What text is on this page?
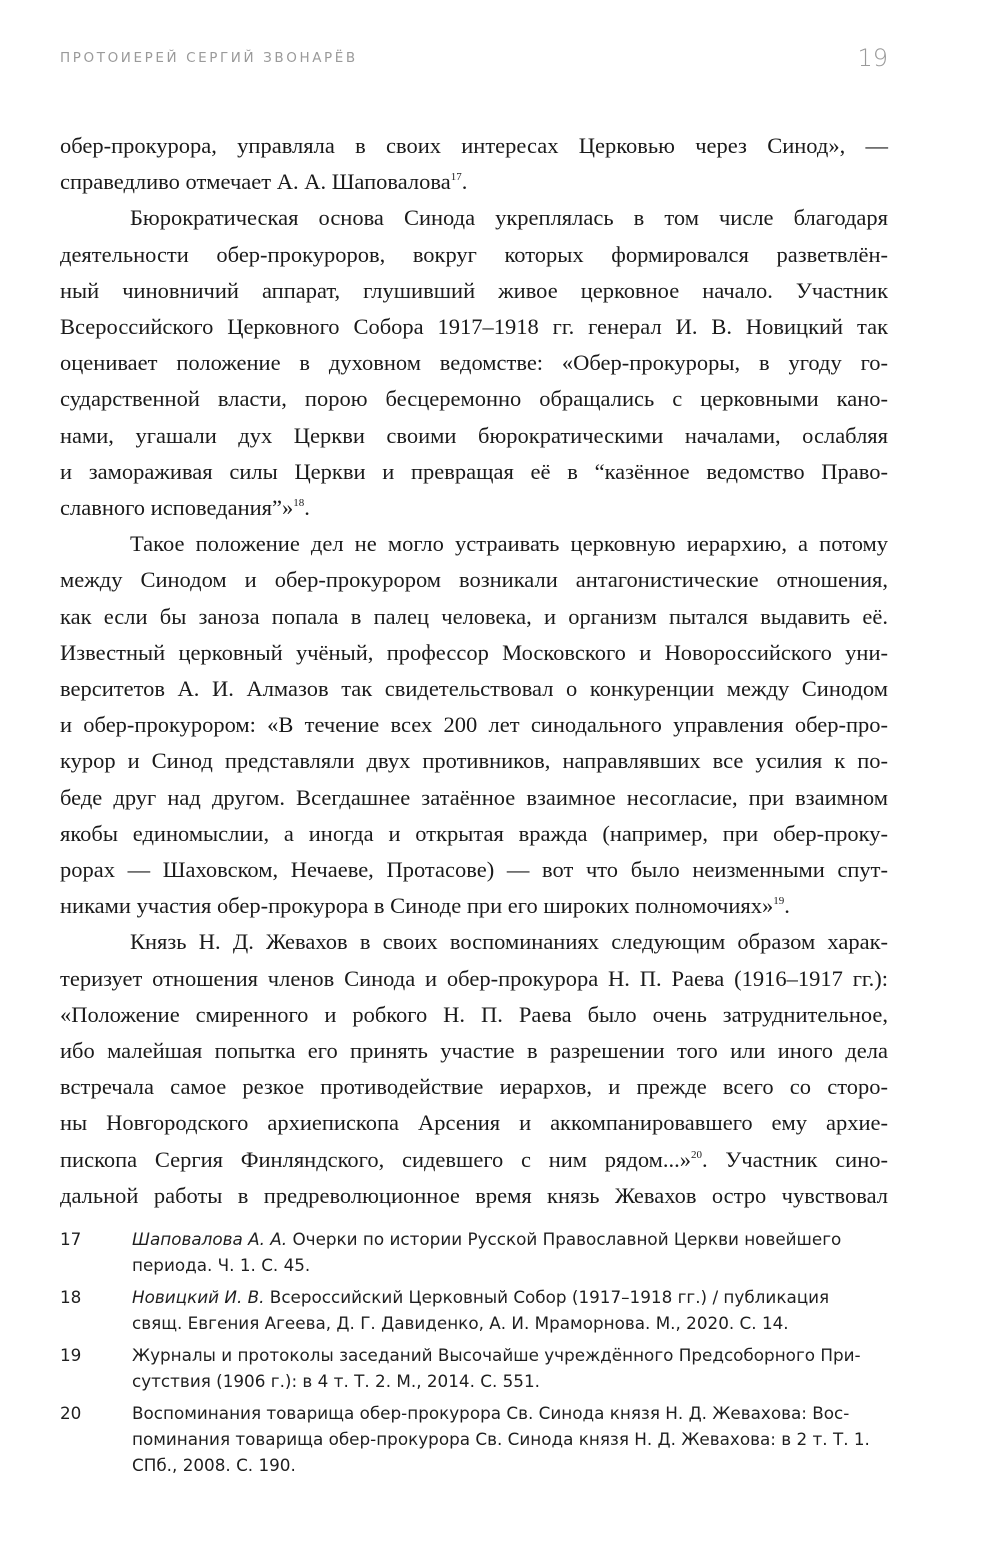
ПРОТОИЕРЕЙ СЕРГИЙ ЗВОНАРЁВ	19
обер-прокурора, управляла в своих интересах Церковью через Синод», —
справедливо отмечает А. А. Шаповалова$^{17}$.
Бюрократическая основа Синода укреплялась в том числе благодаря
деятельности обер-прокуроров, вокруг которых формировался разветвлён-
ный чиновничий аппарат, глушивший живое церковное начало. Участник
Всероссийского Церковного Собора 1917–1918 гг. генерал И. В. Новицкий так
оценивает положение в духовном ведомстве: «Обер-прокуроры, в угоду го-
сударственной власти, порою бесцеремонно обращались с церковными кано-
нами, угашали дух Церкви своими бюрократическими началами, ослабляя
и замораживая силы Церкви и превращая её в “казённое ведомство Право-
славного исповедания”»$^{18}$.
Такое положение дел не могло устраивать церковную иерархию, а потому
между Синодом и обер-прокурором возникали антагонистические отношения,
как если бы заноза попала в палец человека, и организм пытался выдавить её.
Известный церковный учёный, профессор Московского и Новороссийского уни-
верситетов А. И. Алмазов так свидетельствовал о конкуренции между Синодом
и обер-прокурором: «В течение всех 200 лет синодального управления обер-про-
курор и Синод представляли двух противников, направлявших все усилия к по-
беде друг над другом. Всегдашнее затаённое взаимное несогласие, при взаимном
якобы единомыслии, а иногда и открытая вражда (например, при обер-проку-
popax — Шаховском, Нечаеве, Протасове) — вот что было неизменными спут-
никами участия обер-прокурора в Синоде при его широких полномочиях»$^{19}$.
Князь Н. Д. Жевахов в своих воспоминаниях следующим образом харак-
теризует отношения членов Синода и обер-прокурора Н. П. Раева (1916–1917 гг.):
«Положение смиренного и робкого Н. П. Раева было очень затруднительное,
ибо малейшая попытка его принять участие в разрешении того или иного дела
встречала самое резкое противодействие иерархов, и прежде всего со сторо-
ны Новгородского архиепископа Арсения и аккомпанировавшего ему архие-
пископа Сергия Финляндского, сидевшего с ним рядом...»$^{20}$. Участник сино-
дальной работы в предреволюционное время князь Жевахов остро чувствовал
17	Шаповалова А. А. Очерки по истории Русской Православной Церкви новейшего
периода. Ч. 1. С. 45.
18	Новицкий И. В. Всероссийский Церковный Собор (1917–1918 гг.) / публикация
свящ. Евгения Агеева, Д. Г. Давиденко, А. И. Мраморнова. М., 2020. С. 14.
19	Журналы и протоколы заседаний Высочайше учреждённого Предсоборного При-
сутствия (1906 г.): в 4 т. Т. 2. М., 2014. С. 551.
20	Воспоминания товарища обер-прокурора Св. Синода князя Н. Д. Жевахова: Вос-
поминания товарища обер-прокурора Св. Синода князя Н. Д. Жевахова: в 2 т. Т. 1.
СПб., 2008. С. 190.
